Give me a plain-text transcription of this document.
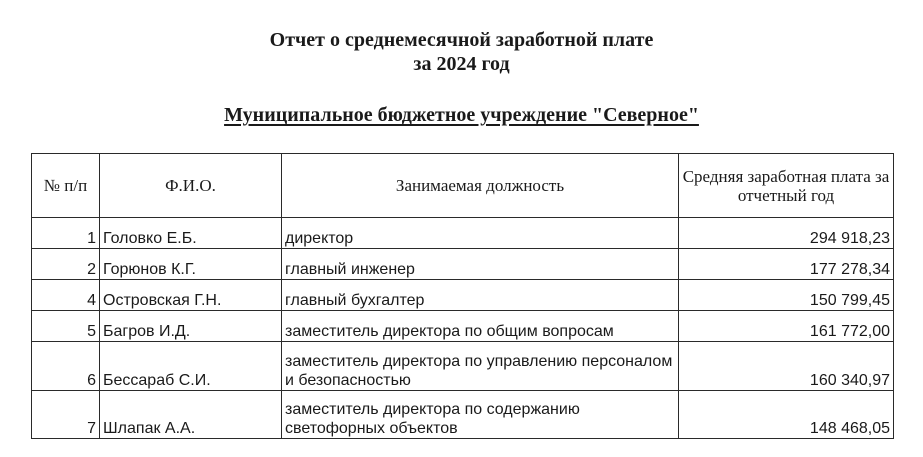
Отчет о среднемесячной заработной плате
за 2024 год
Муниципальное бюджетное учреждение "Северное"
№ п/п	Ф.И.О.	Занимаемая должность	Средняя заработная плата за отчетный год
1	Головко Е.Б.	директор	294 918,23
2	Горюнов К.Г.	главный инженер	177 278,34
4	Островская Г.Н.	главный бухгалтер	150 799,45
5	Багров И.Д.	заместитель директора по общим вопросам	161 772,00
6	Бессараб С.И.	заместитель директора по управлению персоналом и безопасностью	160 340,97
7	Шлапак А.А.	заместитель директора по содержанию светофорных объектов	148 468,05
